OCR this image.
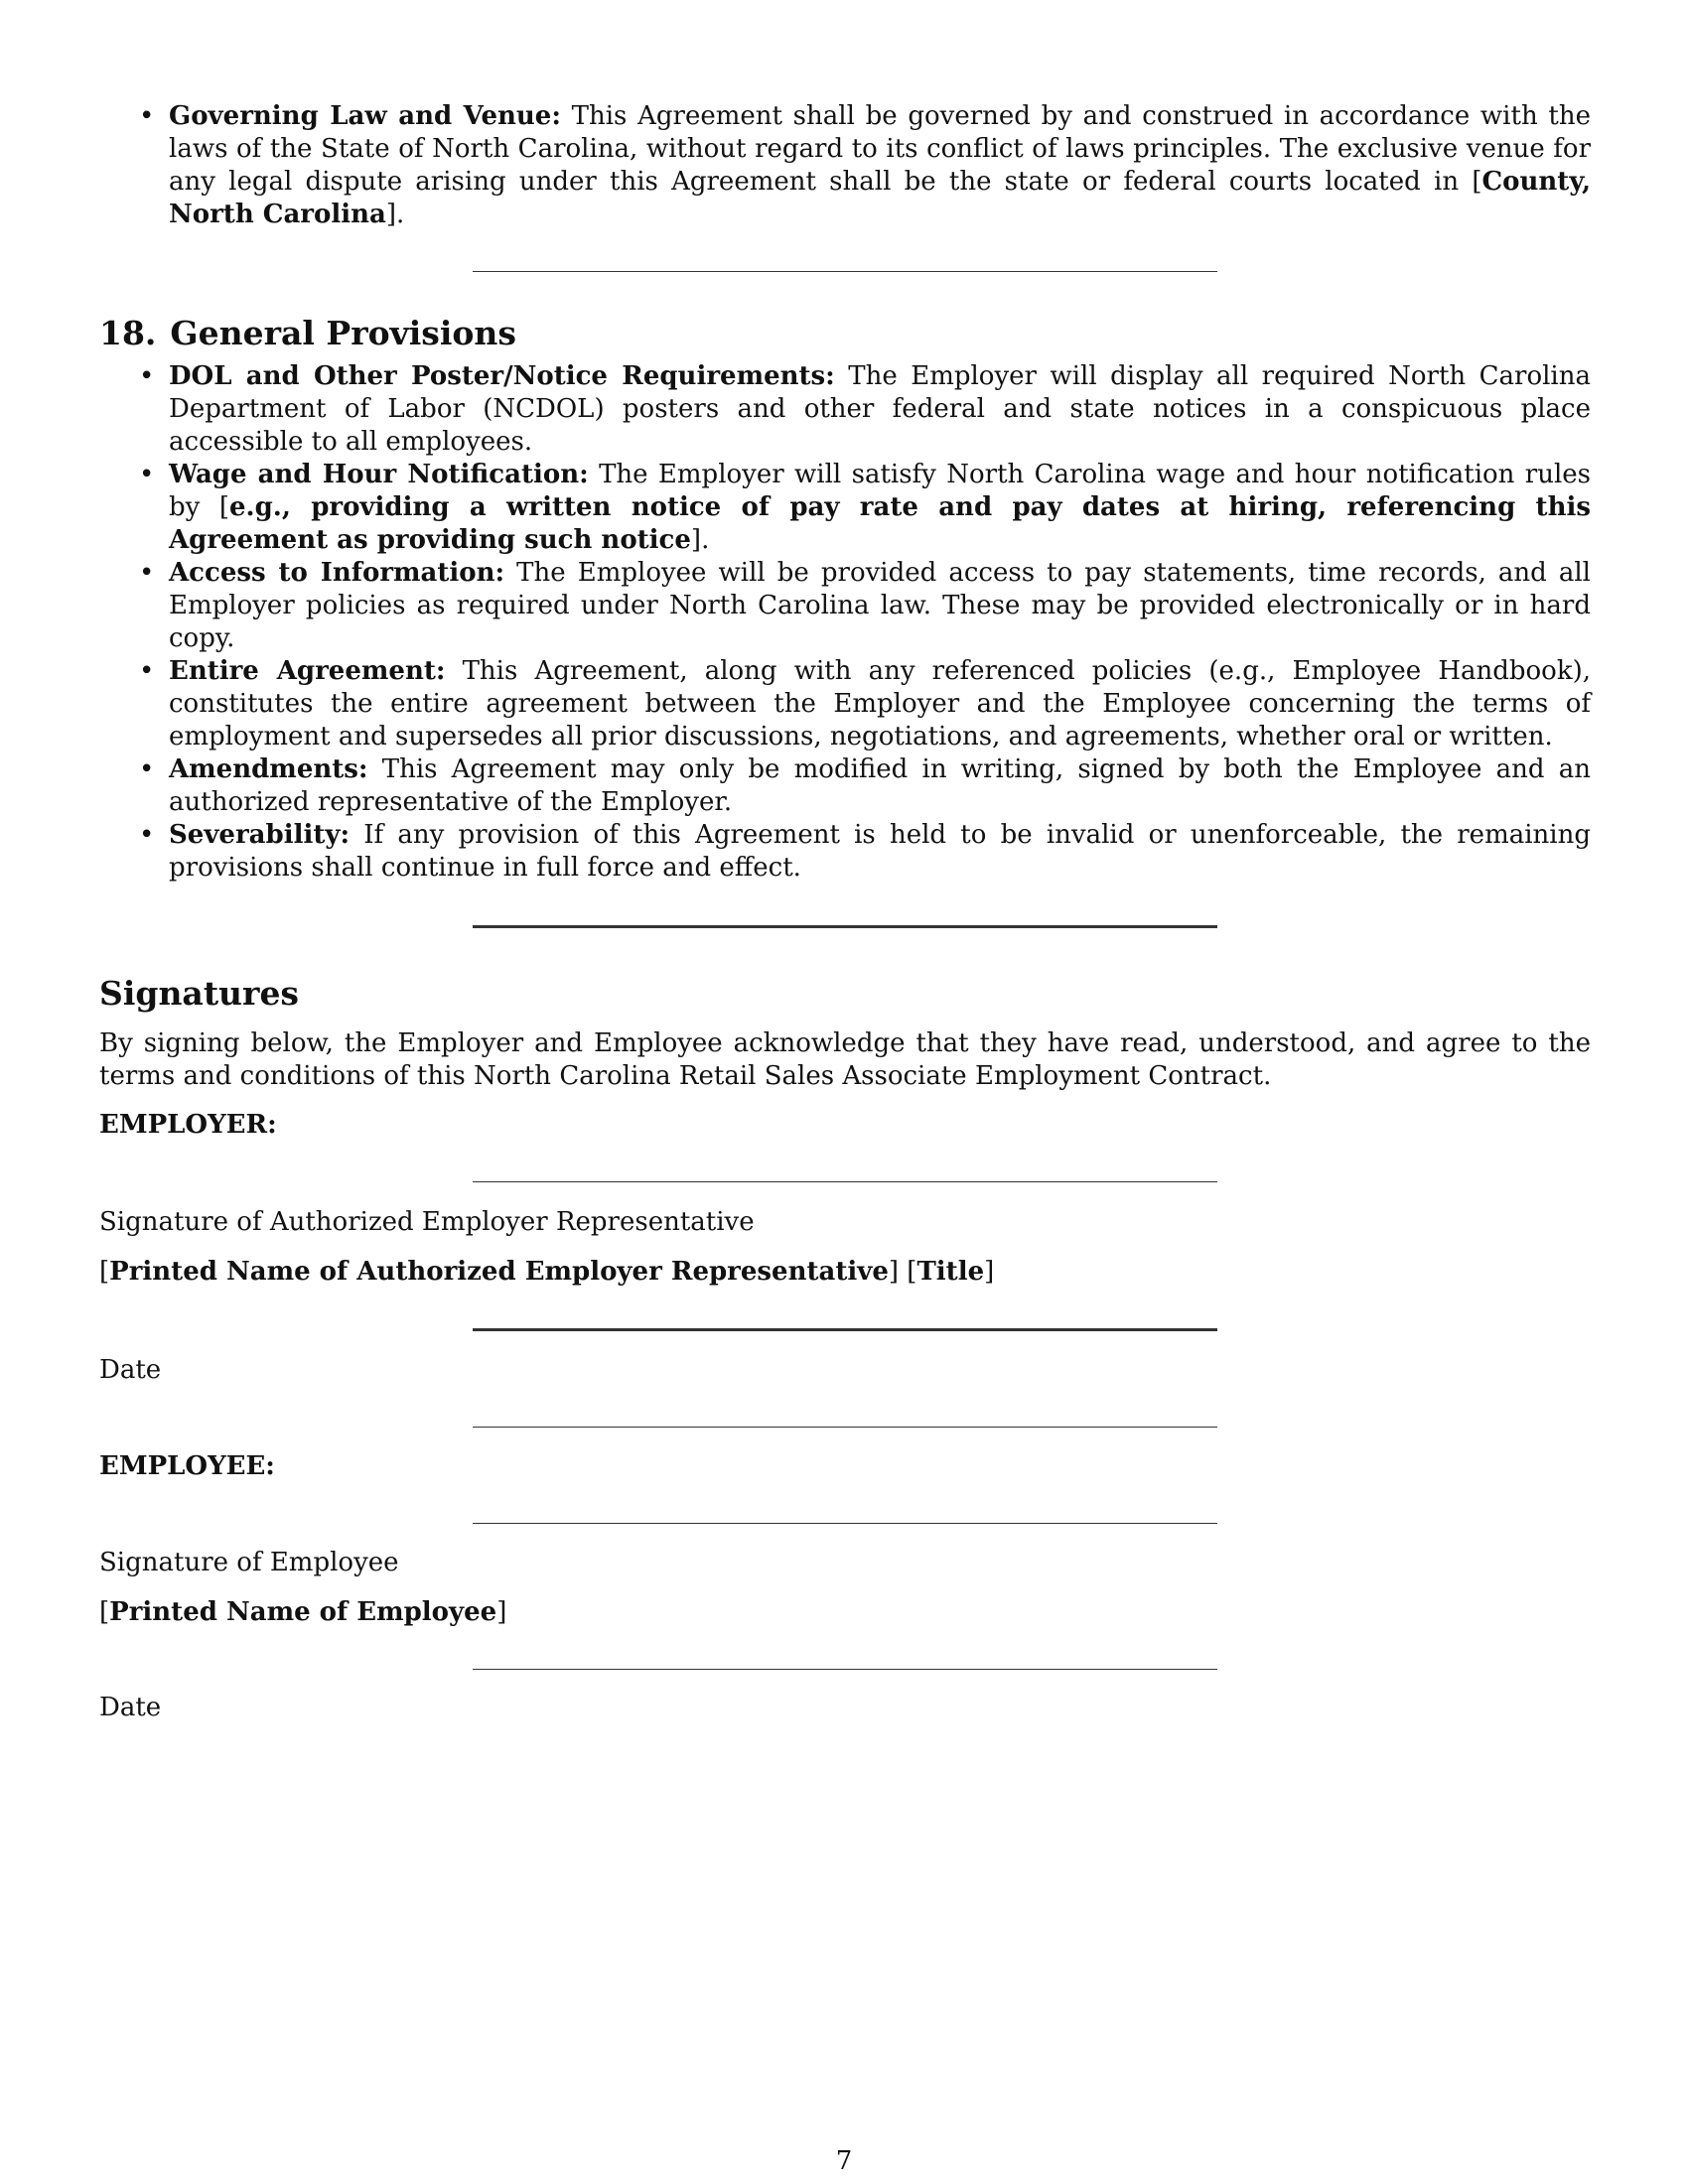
• Governing Law and Venue: This Agreement shall be governed by and construed in accordance with the laws of the State of North Carolina, without regard to its conflict of laws principles. The exclusive venue for any legal dispute arising under this Agreement shall be the state or federal courts located in [County, North Carolina].
18. General Provisions
• DOL and Other Poster/Notice Requirements: The Employer will display all required North Carolina Department of Labor (NCDOL) posters and other federal and state notices in a conspicuous place accessible to all employees.
• Wage and Hour Notification: The Employer will satisfy North Carolina wage and hour notification rules by [e.g., providing a written notice of pay rate and pay dates at hiring, referencing this Agreement as providing such notice].
• Access to Information: The Employee will be provided access to pay statements, time records, and all Employer policies as required under North Carolina law. These may be provided electronically or in hard copy.
• Entire Agreement: This Agreement, along with any referenced policies (e.g., Employee Handbook), constitutes the entire agreement between the Employer and the Employee concerning the terms of employment and supersedes all prior discussions, negotiations, and agreements, whether oral or written.
• Amendments: This Agreement may only be modified in writing, signed by both the Employee and an authorized representative of the Employer.
• Severability: If any provision of this Agreement is held to be invalid or unenforceable, the remaining provisions shall continue in full force and effect.
Signatures

By signing below, the Employer and Employee acknowledge that they have read, understood, and agree to the terms and conditions of this North Carolina Retail Sales Associate Employment Contract.

EMPLOYER:
Signature of Authorized Employer Representative
[Printed Name of Authorized Employer Representative] [Title]
Date
EMPLOYEE:
Signature of Employee
[Printed Name of Employee]
Date
7
